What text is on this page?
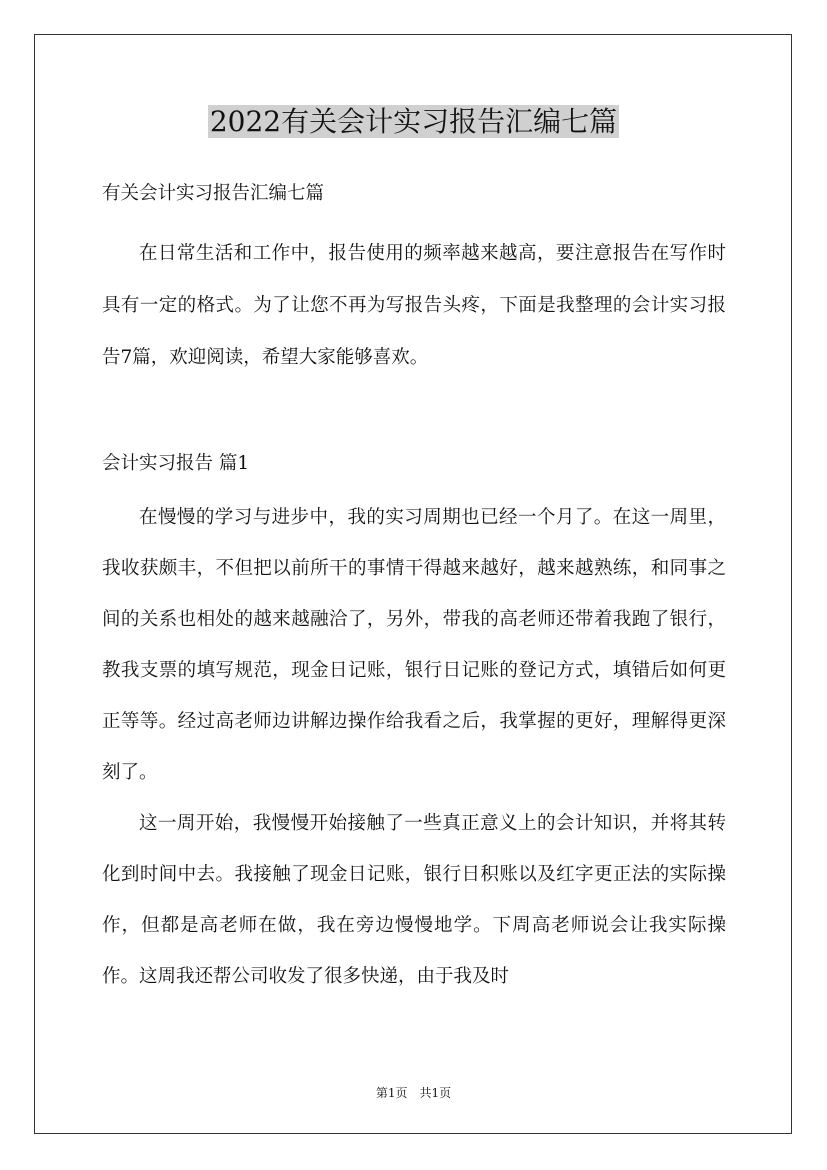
2022有关会计实习报告汇编七篇

有关会计实习报告汇编七篇

在日常生活和工作中，报告使用的频率越来越高，要注意报告在写作时具有一定的格式。为了让您不再为写报告头疼，下面是我整理的会计实习报告7篇，欢迎阅读，希望大家能够喜欢。

会计实习报告 篇1

在慢慢的学习与进步中，我的实习周期也已经一个月了。在这一周里，我收获颇丰，不但把以前所干的事情干得越来越好，越来越熟练，和同事之间的关系也相处的越来越融洽了，另外，带我的高老师还带着我跑了银行，教我支票的填写规范，现金日记账，银行日记账的登记方式，填错后如何更正等等。经过高老师边讲解边操作给我看之后，我掌握的更好，理解得更深刻了。

这一周开始，我慢慢开始接触了一些真正意义上的会计知识，并将其转化到时间中去。我接触了现金日记账，银行日积账以及红字更正法的实际操作，但都是高老师在做，我在旁边慢慢地学。下周高老师说会让我实际操作。这周我还帮公司收发了很多快递，由于我及时

第1页 共1页
